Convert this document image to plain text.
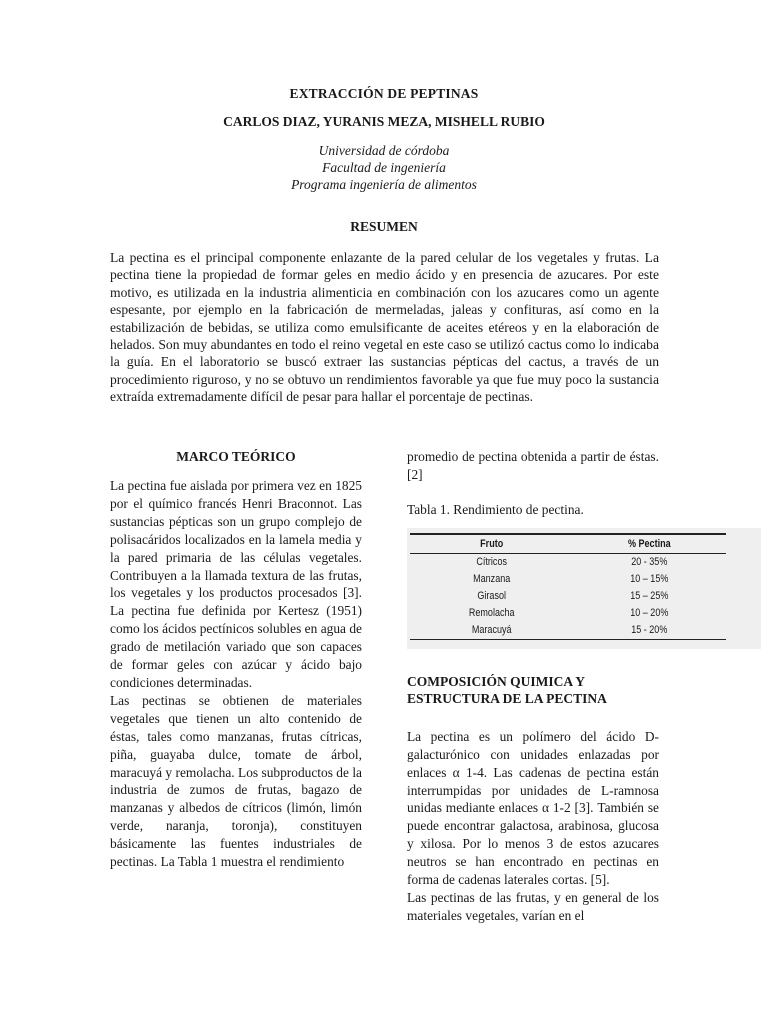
EXTRACCIÓN DE PEPTINAS
CARLOS DIAZ, YURANIS MEZA, MISHELL RUBIO
Universidad de córdoba
Facultad de ingeniería
Programa ingeniería de alimentos
RESUMEN

La pectina es el principal componente enlazante de la pared celular de los vegetales y frutas. La pectina tiene la propiedad de formar geles en medio ácido y en presencia de azucares. Por este motivo, es utilizada en la industria alimenticia en combinación con los azucares como un agente espesante, por ejemplo en la fabricación de mermeladas, jaleas y confituras, así como en la estabilización de bebidas, se utiliza como emulsificante de aceites etéreos y en la elaboración de helados. Son muy abundantes en todo el reino vegetal en este caso se utilizó cactus como lo indicaba la guía. En el laboratorio se buscó extraer las sustancias pépticas del cactus, a través de un procedimiento riguroso, y no se obtuvo un rendimientos favorable ya que fue muy poco la sustancia extraída extremadamente difícil de pesar para hallar el porcentaje de pectinas.

MARCO TEÓRICO

La pectina fue aislada por primera vez en 1825 por el químico francés Henri Braconnot. Las sustancias pépticas son un grupo complejo de polisacáridos localizados en la lamela media y la pared primaria de las células vegetales. Contribuyen a la llamada textura de las frutas, los vegetales y los productos procesados [3]. La pectina fue definida por Kertesz (1951) como los ácidos pectínicos solubles en agua de grado de metilación variado que son capaces de formar geles con azúcar y ácido bajo condiciones determinadas.

Las pectinas se obtienen de materiales vegetales que tienen un alto contenido de éstas, tales como manzanas, frutas cítricas, piña, guayaba dulce, tomate de árbol, maracuyá y remolacha. Los subproductos de la industria de zumos de frutas, bagazo de manzanas y albedos de cítricos (limón, limón verde, naranja, toronja), constituyen básicamente las fuentes industriales de pectinas. La Tabla 1 muestra el rendimiento

promedio de pectina obtenida a partir de éstas. [2]

Tabla 1. Rendimiento de pectina.

Fruto	% Pectina
Cítricos	20 - 35%
Manzana	10 – 15%
Girasol	15 – 25%
Remolacha	10 – 20%
Maracuyá	15 - 20%
COMPOSICIÓN QUIMICA Y
ESTRUCTURA DE LA PECTINA

La pectina es un polímero del ácido D-galacturónico con unidades enlazadas por enlaces α 1-4. Las cadenas de pectina están interrumpidas por unidades de L-ramnosa unidas mediante enlaces α 1-2 [3]. También se puede encontrar galactosa, arabinosa, glucosa y xilosa. Por lo menos 3 de estos azucares neutros se han encontrado en pectinas en forma de cadenas laterales cortas. [5].

Las pectinas de las frutas, y en general de los materiales vegetales, varían en el
